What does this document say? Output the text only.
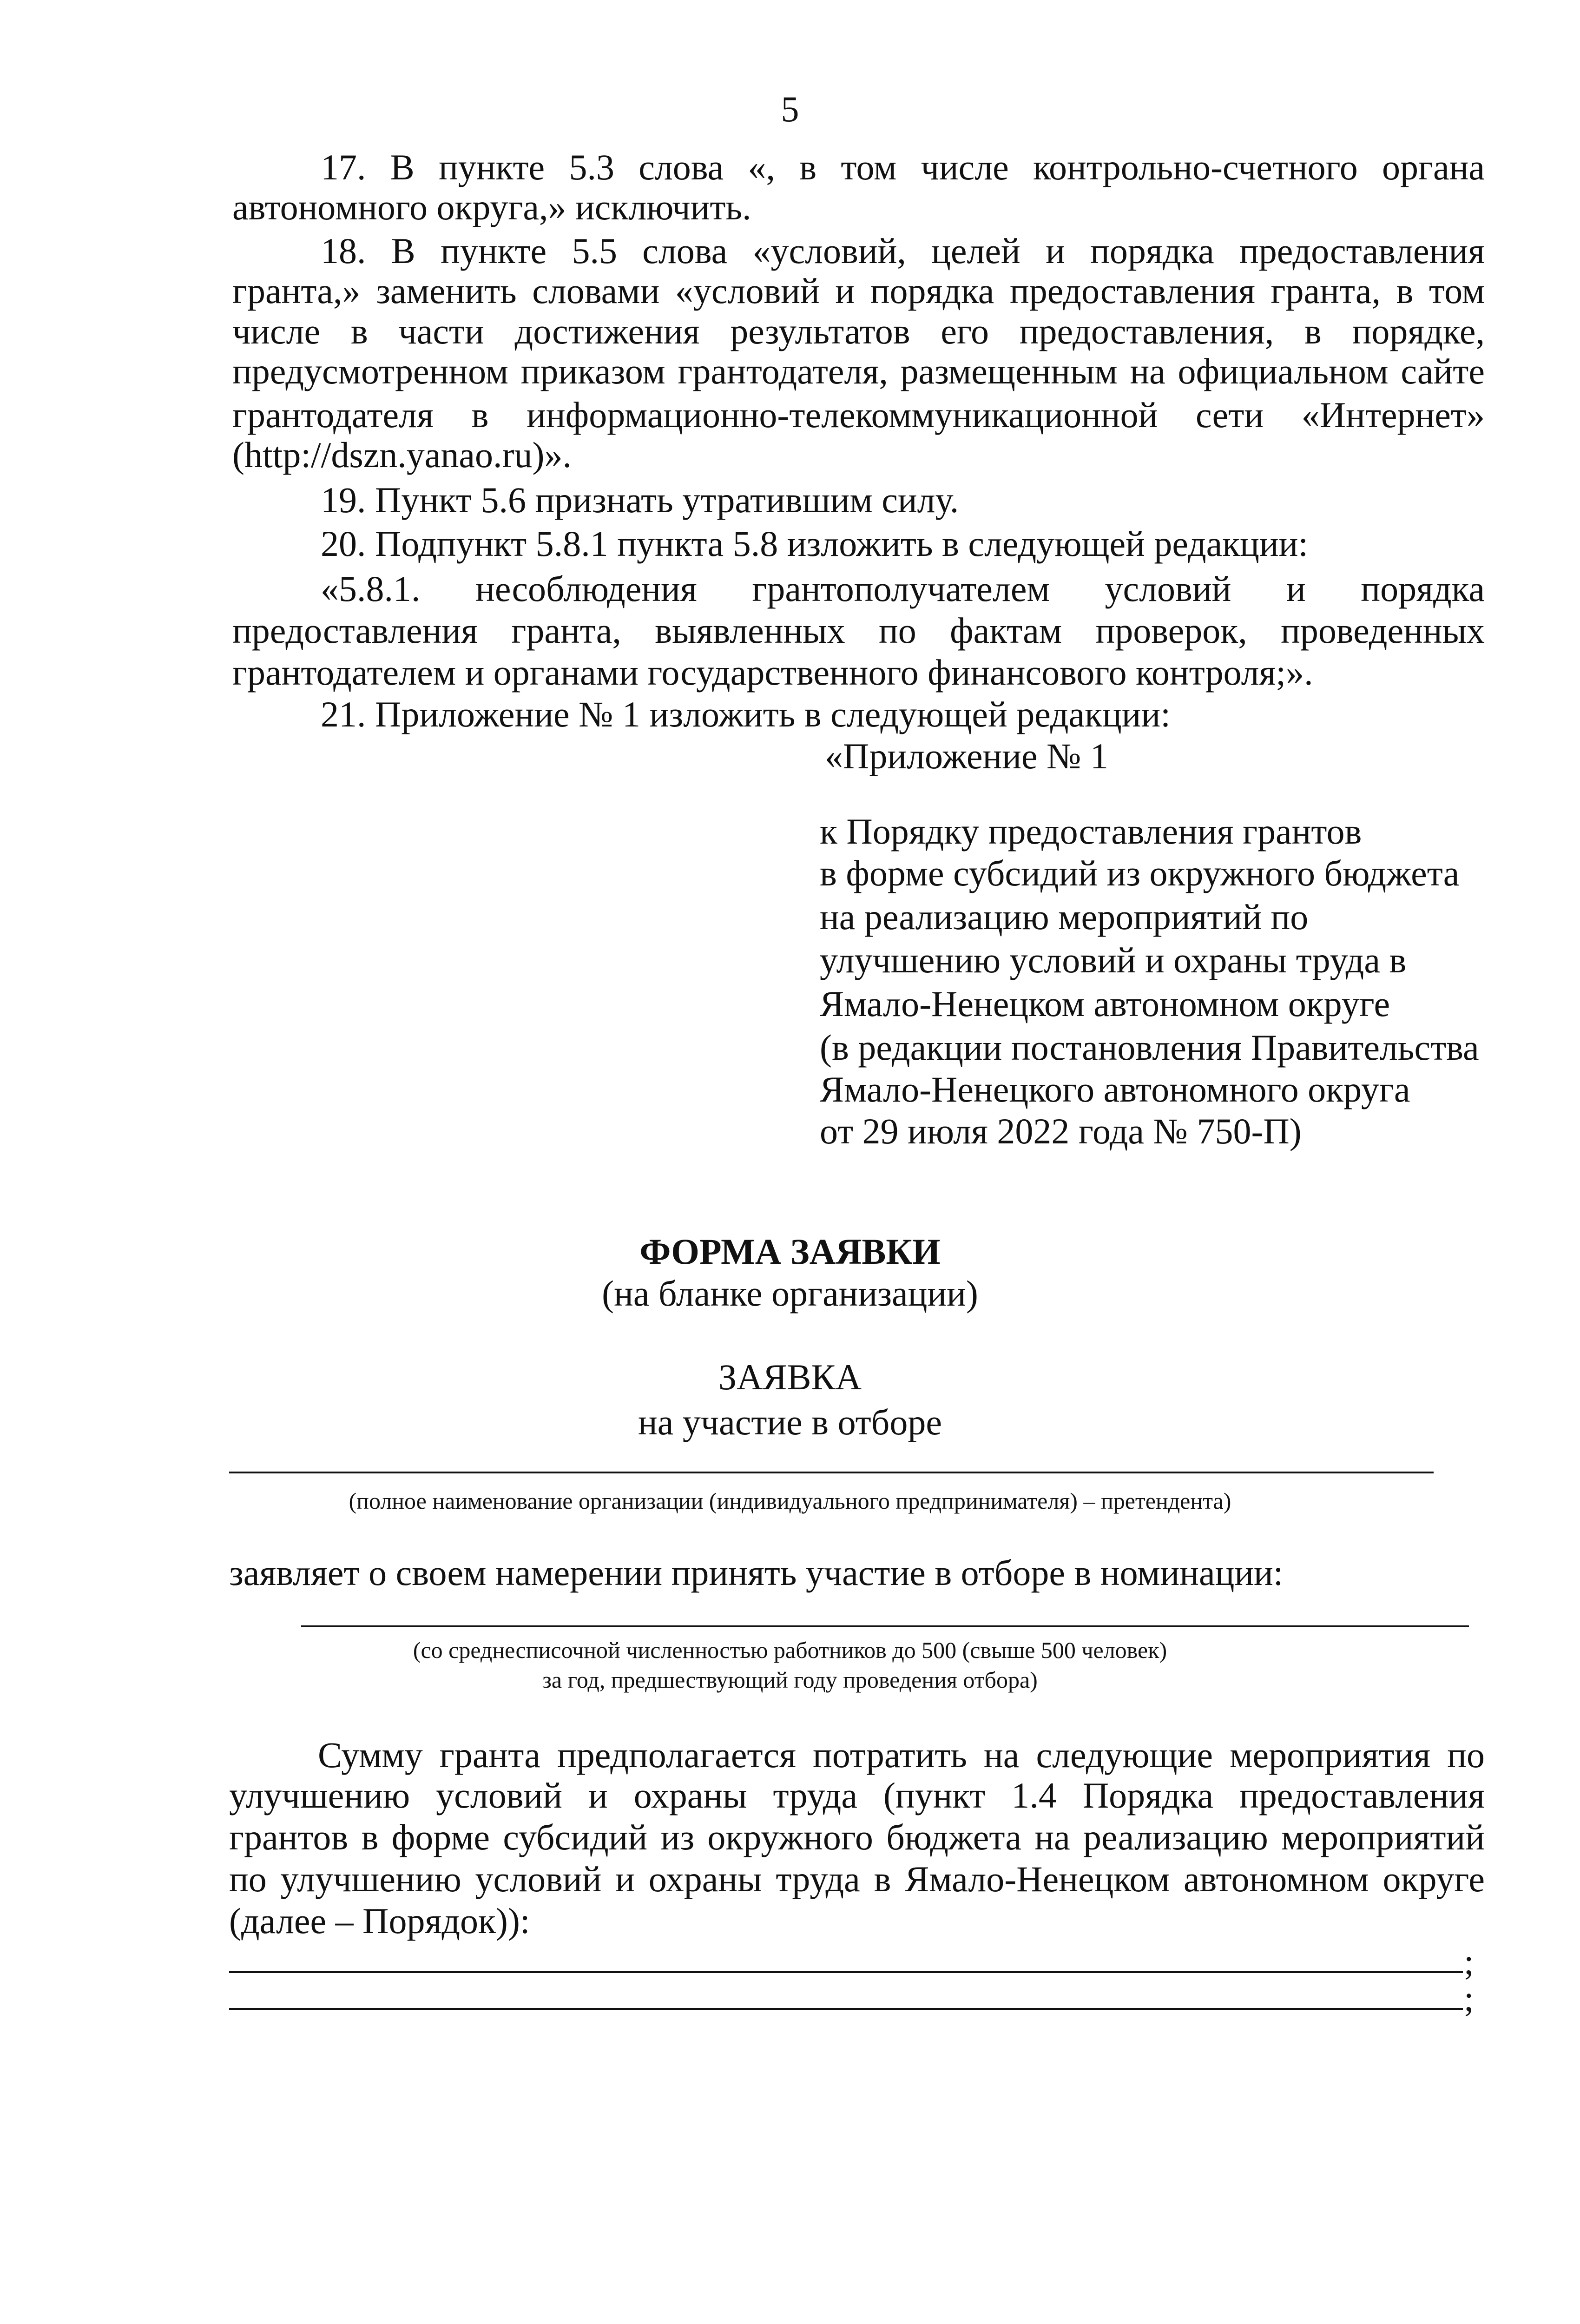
5
17. В пункте 5.3 слова «, в том числе контрольно-счетного органа
автономного округа,» исключить.
18. В пункте 5.5 слова «условий, целей и порядка предоставления
гранта,» заменить словами «условий и порядка предоставления гранта, в том
числе в части достижения результатов его предоставления, в порядке,
предусмотренном приказом грантодателя, размещенным на официальном сайте
грантодателя в информационно-телекоммуникационной сети «Интернет»
(http://dszn.yanao.ru)».
19. Пункт 5.6 признать утратившим силу.
20. Подпункт 5.8.1 пункта 5.8 изложить в следующей редакции:
«5.8.1. несоблюдения грантополучателем условий и порядка
предоставления гранта, выявленных по фактам проверок, проведенных
грантодателем и органами государственного финансового контроля;».
21. Приложение № 1 изложить в следующей редакции:
«Приложение № 1
к Порядку предоставления грантов
в форме субсидий из окружного бюджета
на реализацию мероприятий по
улучшению условий и охраны труда в
Ямало-Ненецком автономном округе
(в редакции постановления Правительства
Ямало-Ненецкого автономного округа
от 29 июля 2022 года № 750-П)
ФОРМА ЗАЯВКИ
(на бланке организации)
ЗАЯВКА
на участие в отборе
(полное наименование организации (индивидуального предпринимателя) – претендента)
заявляет о своем намерении принять участие в отборе в номинации:
(со среднесписочной численностью работников до 500 (свыше 500 человек)
за год, предшествующий году проведения отбора)
Сумму гранта предполагается потратить на следующие мероприятия по
улучшению условий и охраны труда (пункт 1.4 Порядка предоставления
грантов в форме субсидий из окружного бюджета на реализацию мероприятий
по улучшению условий и охраны труда в Ямало-Ненецком автономном округе
(далее – Порядок)):
;
;
